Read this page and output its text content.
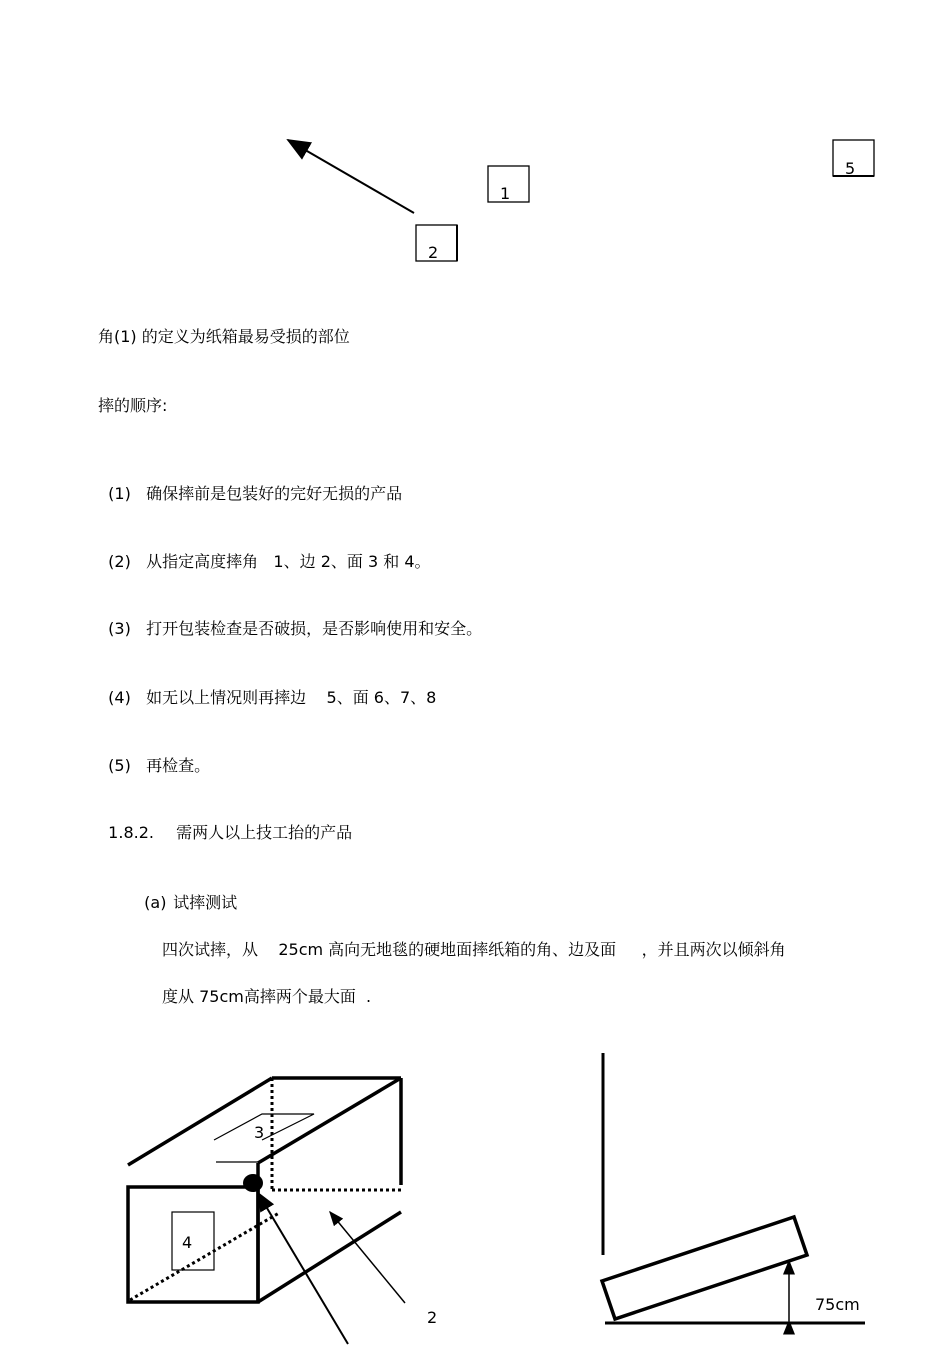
1
2
5
角(1) 的定义为纸箱最易受损的部位
摔的顺序:

(1) 确保摔前是包装好的完好无损的产品

(2) 从指定高度摔角   1、边 2、面 3 和 4。

(3) 打开包装检查是否破损，是否影响使用和安全。

(4) 如无以上情况则再摔边    5、面 6、7、8

(5) 再检查。

1.8.2. 需两人以上技工抬的产品

(a) 试摔测试

四次试摔，从    25cm 高向无地毯的硬地面摔纸箱的角、边及面     ，并且两次以倾斜角
度从 75cm高摔两个最大面  .
3
4
2
75cm
